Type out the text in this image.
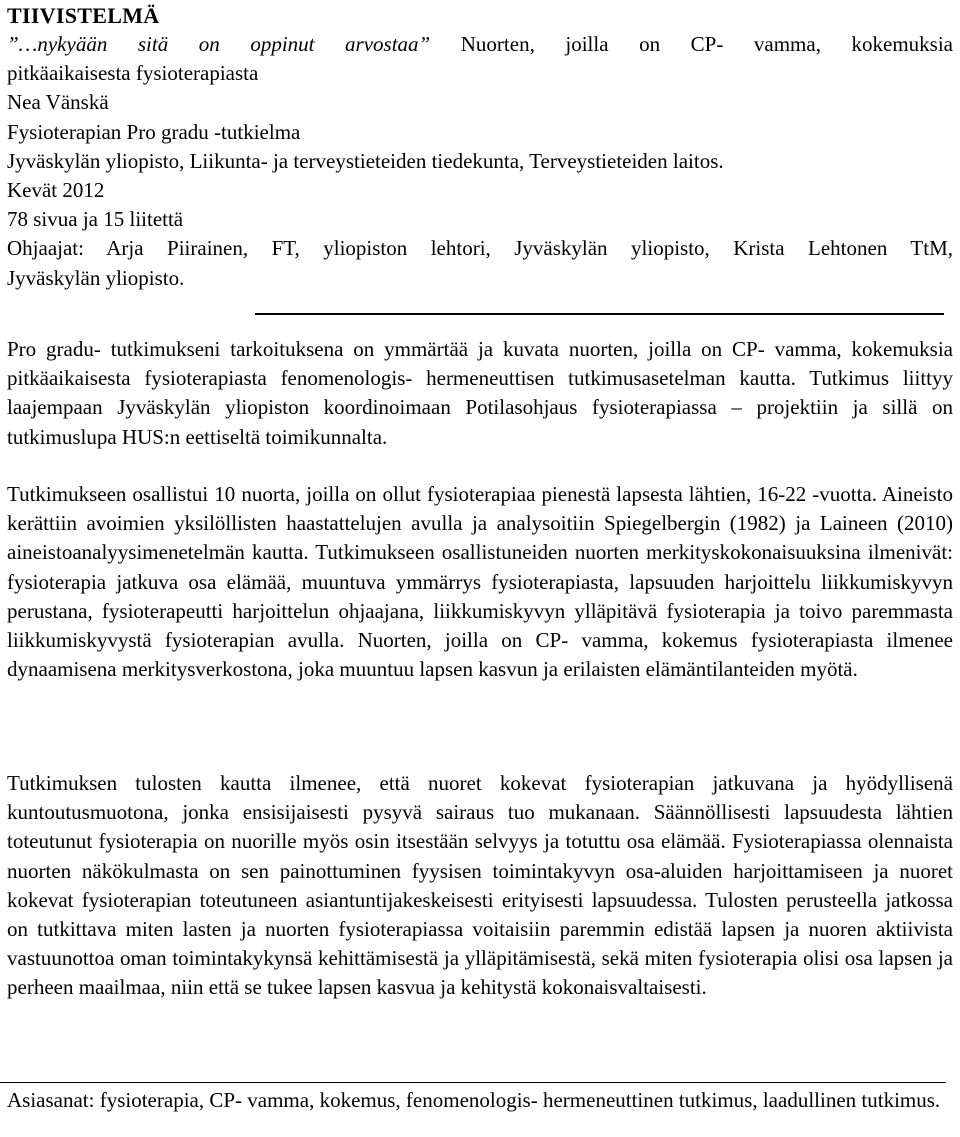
TIIVISTELMÄ
”…nykyään sitä on oppinut arvostaa” Nuorten, joilla on CP- vamma, kokemuksia
pitkäaikaisesta fysioterapiasta
Nea Vänskä
Fysioterapian Pro gradu -tutkielma
Jyväskylän yliopisto, Liikunta- ja terveystieteiden tiedekunta, Terveystieteiden laitos.
Kevät 2012
78 sivua ja 15 liitettä
Ohjaajat: Arja Piirainen, FT, yliopiston lehtori, Jyväskylän yliopisto, Krista Lehtonen TtM,
Jyväskylän yliopisto.

Pro gradu- tutkimukseni tarkoituksena on ymmärtää ja kuvata nuorten, joilla on CP- vamma, kokemuksia pitkäaikaisesta fysioterapiasta fenomenologis- hermeneuttisen tutkimusasetelman kautta. Tutkimus liittyy laajempaan Jyväskylän yliopiston koordinoimaan Potilasohjaus fysioterapiassa – projektiin ja sillä on tutkimuslupa HUS:n eettiseltä toimikunnalta.

Tutkimukseen osallistui 10 nuorta, joilla on ollut fysioterapiaa pienestä lapsesta lähtien, 16-22 -vuotta. Aineisto kerättiin avoimien yksilöllisten haastattelujen avulla ja analysoitiin Spiegelbergin (1982) ja Laineen (2010) aineistoanalyysimenetelmän kautta. Tutkimukseen osallistuneiden nuorten merkityskokonaisuuksina ilmenivät: fysioterapia jatkuva osa elämää, muuntuva ymmärrys fysioterapiasta, lapsuuden harjoittelu liikkumiskyvyn perustana, fysioterapeutti harjoittelun ohjaajana, liikkumiskyvyn ylläpitävä fysioterapia ja toivo paremmasta liikkumiskyvystä fysioterapian avulla. Nuorten, joilla on CP- vamma, kokemus fysioterapiasta ilmenee dynaamisena merkitysverkostona, joka muuntuu lapsen kasvun ja erilaisten elämäntilanteiden myötä.

Tutkimuksen tulosten kautta ilmenee, että nuoret kokevat fysioterapian jatkuvana ja hyödyllisenä kuntoutusmuotona, jonka ensisijaisesti pysyvä sairaus tuo mukanaan. Säännöllisesti lapsuudesta lähtien toteutunut fysioterapia on nuorille myös osin itsestään selvyys ja totuttu osa elämää. Fysioterapiassa olennaista nuorten näkökulmasta on sen painottuminen fyysisen toimintakyvyn osa-aluiden harjoittamiseen ja nuoret kokevat fysioterapian toteutuneen asiantuntijakeskeisesti erityisesti lapsuudessa. Tulosten perusteella jatkossa on tutkittava miten lasten ja nuorten fysioterapiassa voitaisiin paremmin edistää lapsen ja nuoren aktiivista vastuunottoa oman toimintakykynsä kehittämisestä ja ylläpitämisestä, sekä miten fysioterapia olisi osa lapsen ja perheen maailmaa, niin että se tukee lapsen kasvua ja kehitystä kokonaisvaltaisesti.

Asiasanat: fysioterapia, CP- vamma, kokemus, fenomenologis- hermeneuttinen tutkimus, laadullinen tutkimus.
